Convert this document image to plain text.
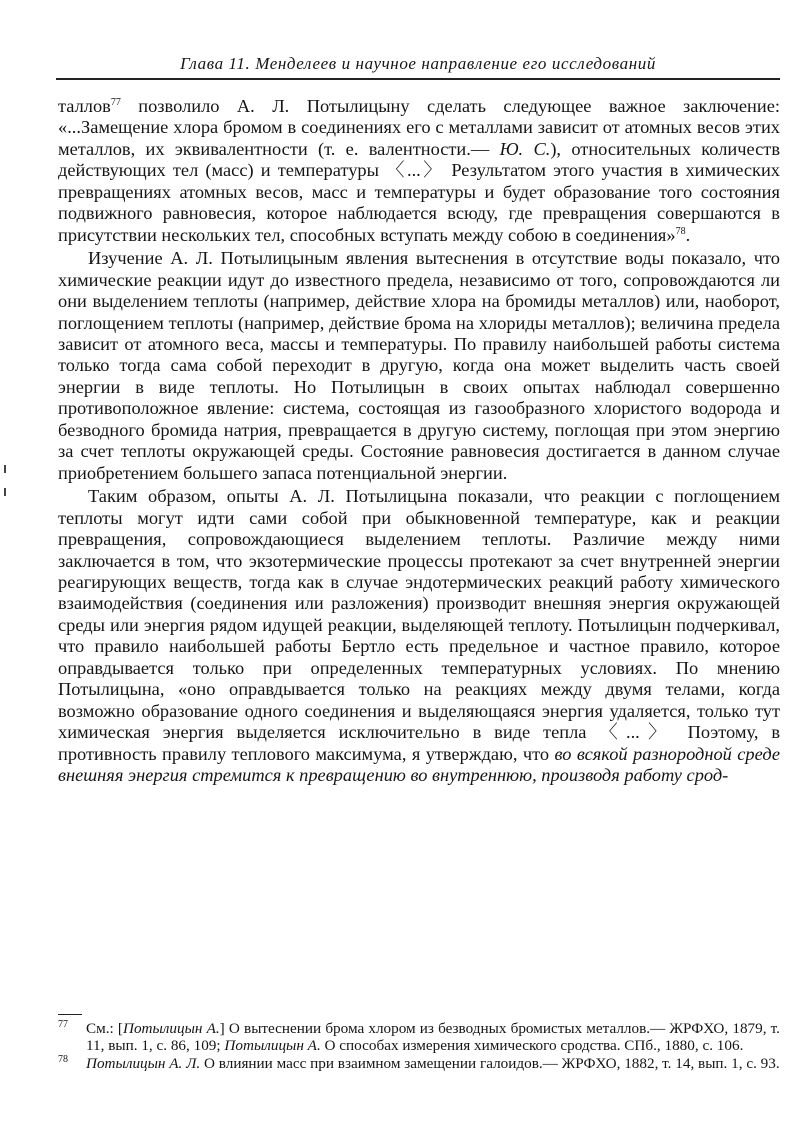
Глава 11. Менделеев и научное направление его исследований

таллов$^{77}$ позволило А. Л. Потылицыну сделать следующее важное заключение: «...Замещение хлора бромом в соединениях его с металлами зависит от атомных весов этих металлов, их эквивалентности (т. е. валентности.— Ю. С.), относительных количеств действующих тел (масс) и температуры 〈...〉 Результатом этого участия в химических превращениях атомных весов, масс и температуры и будет образование того состояния подвижного равновесия, которое наблюдается всюду, где превращения совершаются в присутствии нескольких тел, способных вступать между собою в соединения»$^{78}$.

Изучение А. Л. Потылицыным явления вытеснения в отсутствие воды показало, что химические реакции идут до известного предела, независимо от того, сопровождаются ли они выделением теплоты (например, действие хлора на бромиды металлов) или, наоборот, поглощением теплоты (например, действие брома на хлориды металлов); величина предела зависит от атомного веса, массы и температуры. По правилу наибольшей работы система только тогда сама собой переходит в другую, когда она может выделить часть своей энергии в виде теплоты. Но Потылицын в своих опытах наблюдал совершенно противоположное явление: система, состоящая из газообразного хлористого водорода и безводного бромида натрия, превращается в другую систему, поглощая при этом энергию за счет теплоты окружающей среды. Состояние равновесия достигается в данном случае приобретением большего запаса потенциальной энергии.

Таким образом, опыты А. Л. Потылицына показали, что реакции с поглощением теплоты могут идти сами собой при обыкновенной температуре, как и реакции превращения, сопровождающиеся выделением теплоты. Различие между ними заключается в том, что экзотермические процессы протекают за счет внутренней энергии реагирующих веществ, тогда как в случае эндотермических реакций работу химического взаимодействия (соединения или разложения) производит внешняя энергия окружающей среды или энергия рядом идущей реакции, выделяющей теплоту. Потылицын подчеркивал, что правило наибольшей работы Бертло есть предельное и частное правило, которое оправдывается только при определенных температурных условиях. По мнению Потылицына, «оно оправдывается только на реакциях между двумя телами, когда возможно образование одного соединения и выделяющаяся энергия удаляется, только тут химическая энергия выделяется исключительно в виде тепла 〈...〉 Поэтому, в противность правилу теплового максимума, я утверждаю, что во всякой разнородной среде внешняя энергия стремится к превращению во внутреннюю, производя работу срод-

77 См.: [Потылицын А.] О вытеснении брома хлором из безводных бромистых металлов.— ЖРФХО, 1879, т. 11, вып. 1, с. 86, 109; Потылицын А. О способах измерения химического сродства. СПб., 1880, с. 106.

78 Потылицын А. Л. О влиянии масс при взаимном замещении галоидов.— ЖРФХО, 1882, т. 14, вып. 1, с. 93.
